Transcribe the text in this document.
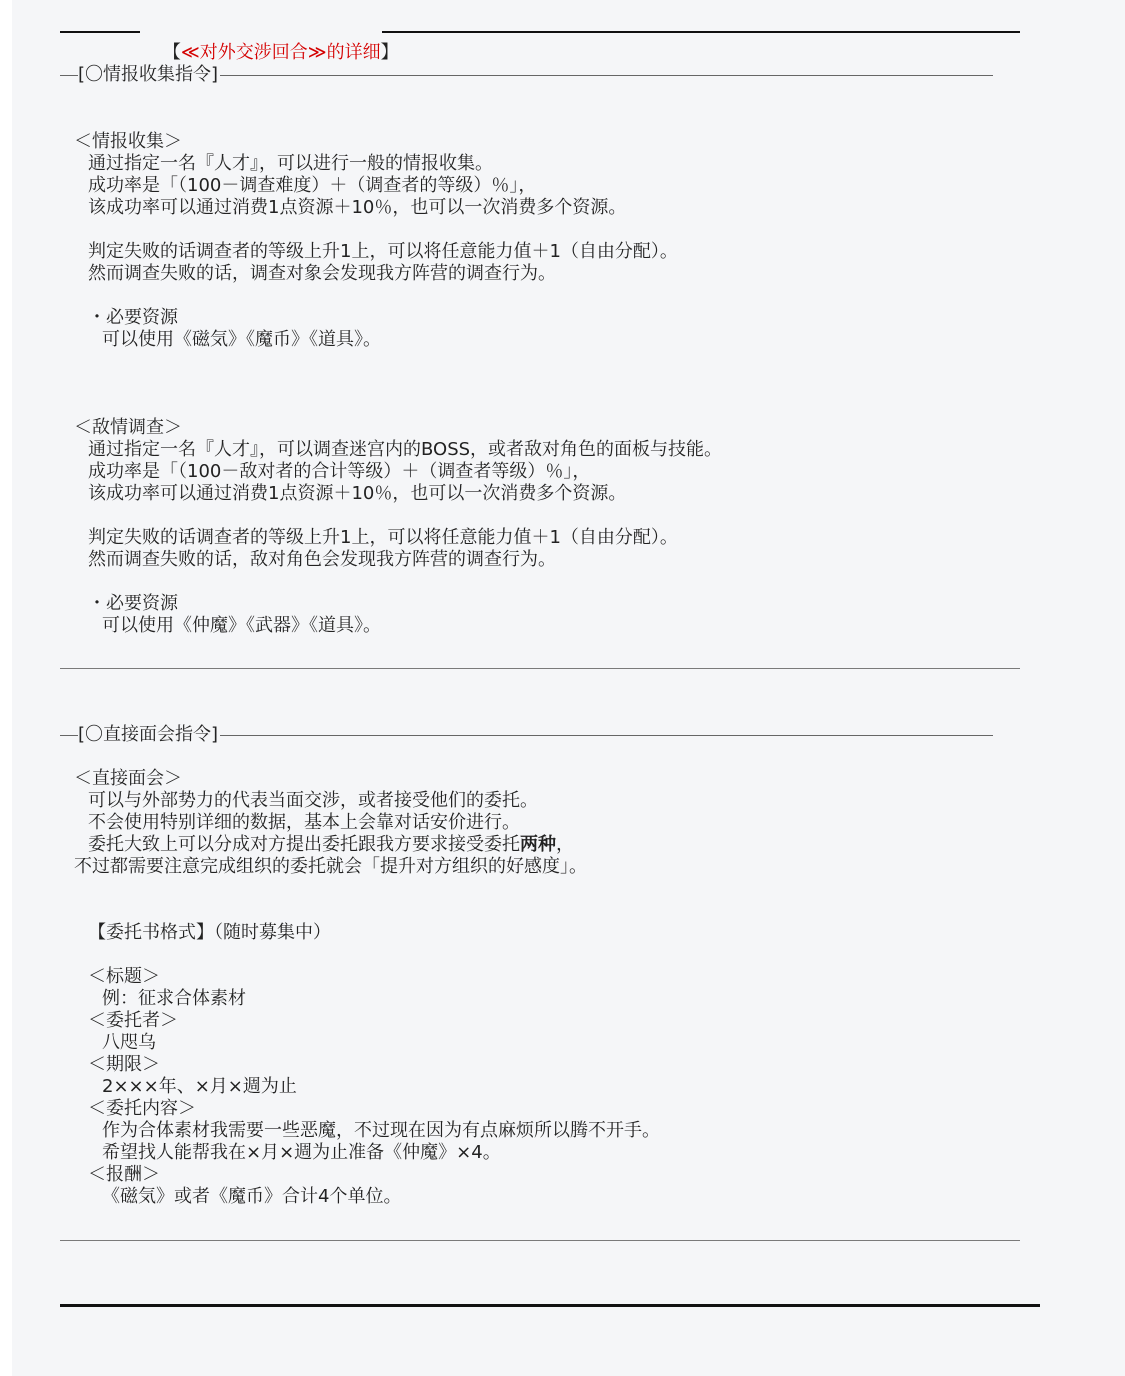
【≪对外交涉回合≫的详细】

[〇情报收集指令]
＜情报收集＞
通过指定一名『人才』，可以进行一般的情报收集。
成功率是「（100－调查难度）＋（调查者的等级）％」，
该成功率可以通过消费1点资源＋10％，也可以一次消费多个资源。
判定失败的话调查者的等级上升1上，可以将任意能力值＋1（自由分配）。
然而调查失败的话，调查对象会发现我方阵营的调查行为。
・必要资源
可以使用《磁気》《魔币》《道具》。
＜敌情调查＞
通过指定一名『人才』，可以调查迷宫内的BOSS，或者敌对角色的面板与技能。
成功率是「（100－敌对者的合计等级）＋（调查者等级）％」，
该成功率可以通过消费1点资源＋10％，也可以一次消费多个资源。
判定失败的话调查者的等级上升1上，可以将任意能力值＋1（自由分配）。
然而调查失败的话，敌对角色会发现我方阵营的调查行为。
・必要资源
可以使用《仲魔》《武器》《道具》。
[〇直接面会指令]
＜直接面会＞
可以与外部势力的代表当面交涉，或者接受他们的委托。
不会使用特别详细的数据，基本上会靠对话安价进行。
委托大致上可以分成对方提出委托跟我方要求接受委托两种，
不过都需要注意完成组织的委托就会「提升对方组织的好感度」。
【委托书格式】（随时募集中）
＜标题＞
例：征求合体素材
＜委托者＞
八咫乌
＜期限＞
2×××年、×月×週为止
＜委托内容＞
作为合体素材我需要一些恶魔，不过现在因为有点麻烦所以腾不开手。
希望找人能帮我在×月×週为止准备《仲魔》×4。
＜报酬＞
《磁気》或者《魔币》合计4个单位。
